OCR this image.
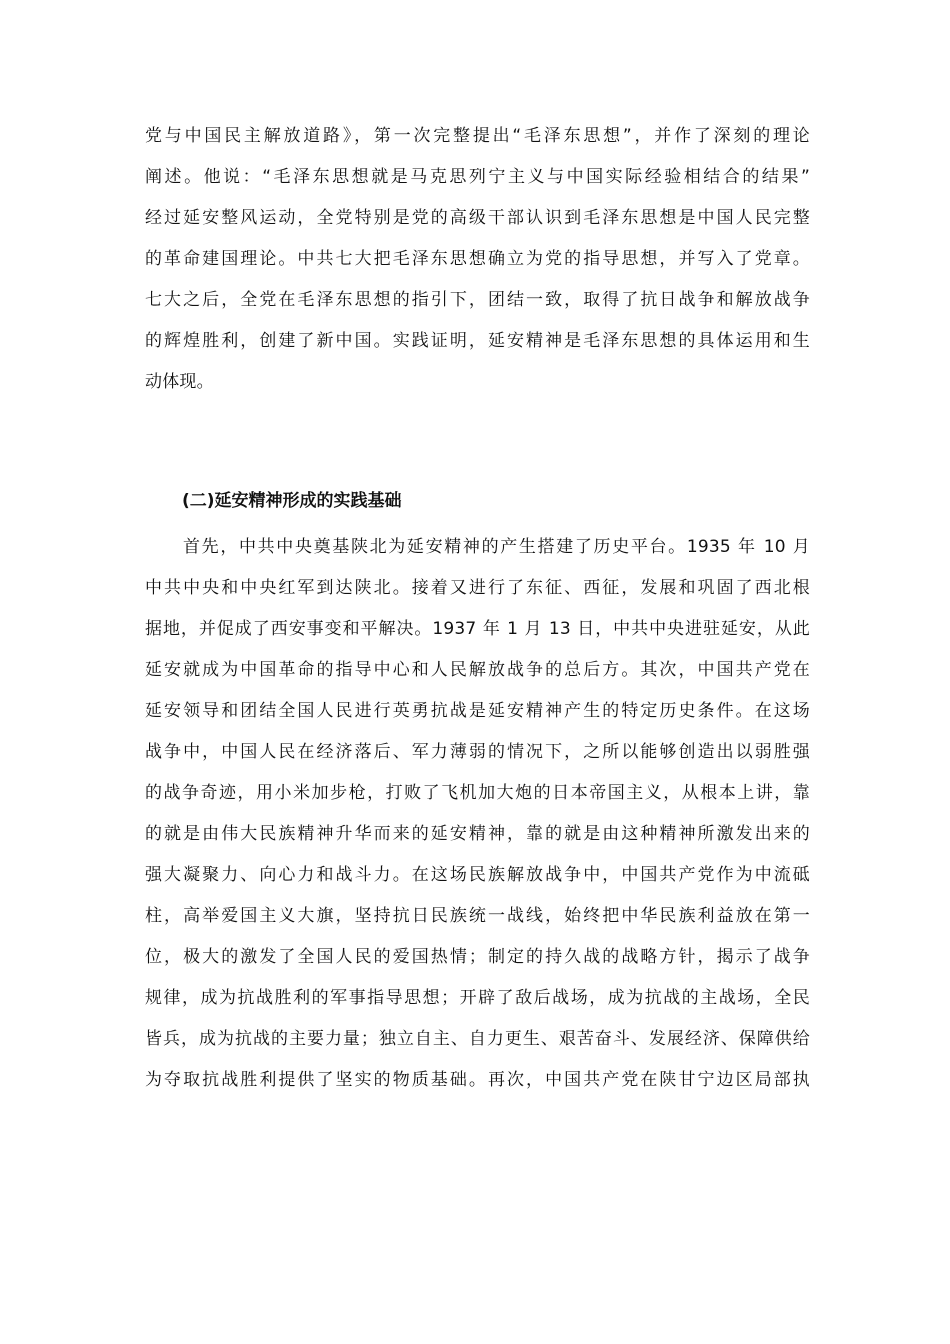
党与中国民主解放道路》，第一次完整提出“毛泽东思想”，并作了深刻的理论
阐述。他说：“毛泽东思想就是马克思列宁主义与中国实际经验相结合的结果”
经过延安整风运动，全党特别是党的高级干部认识到毛泽东思想是中国人民完整
的革命建国理论。中共七大把毛泽东思想确立为党的指导思想，并写入了党章。
七大之后，全党在毛泽东思想的指引下，团结一致，取得了抗日战争和解放战争
的辉煌胜利，创建了新中国。实践证明，延安精神是毛泽东思想的具体运用和生
动体现。
(二)延安精神形成的实践基础
首先，中共中央奠基陕北为延安精神的产生搭建了历史平台。1935 年 10 月
中共中央和中央红军到达陕北。接着又进行了东征、西征，发展和巩固了西北根
据地，并促成了西安事变和平解决。1937 年 1 月 13 日，中共中央进驻延安，从此
延安就成为中国革命的指导中心和人民解放战争的总后方。其次，中国共产党在
延安领导和团结全国人民进行英勇抗战是延安精神产生的特定历史条件。在这场
战争中，中国人民在经济落后、军力薄弱的情况下，之所以能够创造出以弱胜强
的战争奇迹，用小米加步枪，打败了飞机加大炮的日本帝国主义，从根本上讲，靠
的就是由伟大民族精神升华而来的延安精神，靠的就是由这种精神所激发出来的
强大凝聚力、向心力和战斗力。在这场民族解放战争中，中国共产党作为中流砥
柱，高举爱国主义大旗，坚持抗日民族统一战线，始终把中华民族利益放在第一
位，极大的激发了全国人民的爱国热情；制定的持久战的战略方针，揭示了战争
规律，成为抗战胜利的军事指导思想；开辟了敌后战场，成为抗战的主战场，全民
皆兵，成为抗战的主要力量；独立自主、自力更生、艰苦奋斗、发展经济、保障供给
为夺取抗战胜利提供了坚实的物质基础。再次，中国共产党在陕甘宁边区局部执
